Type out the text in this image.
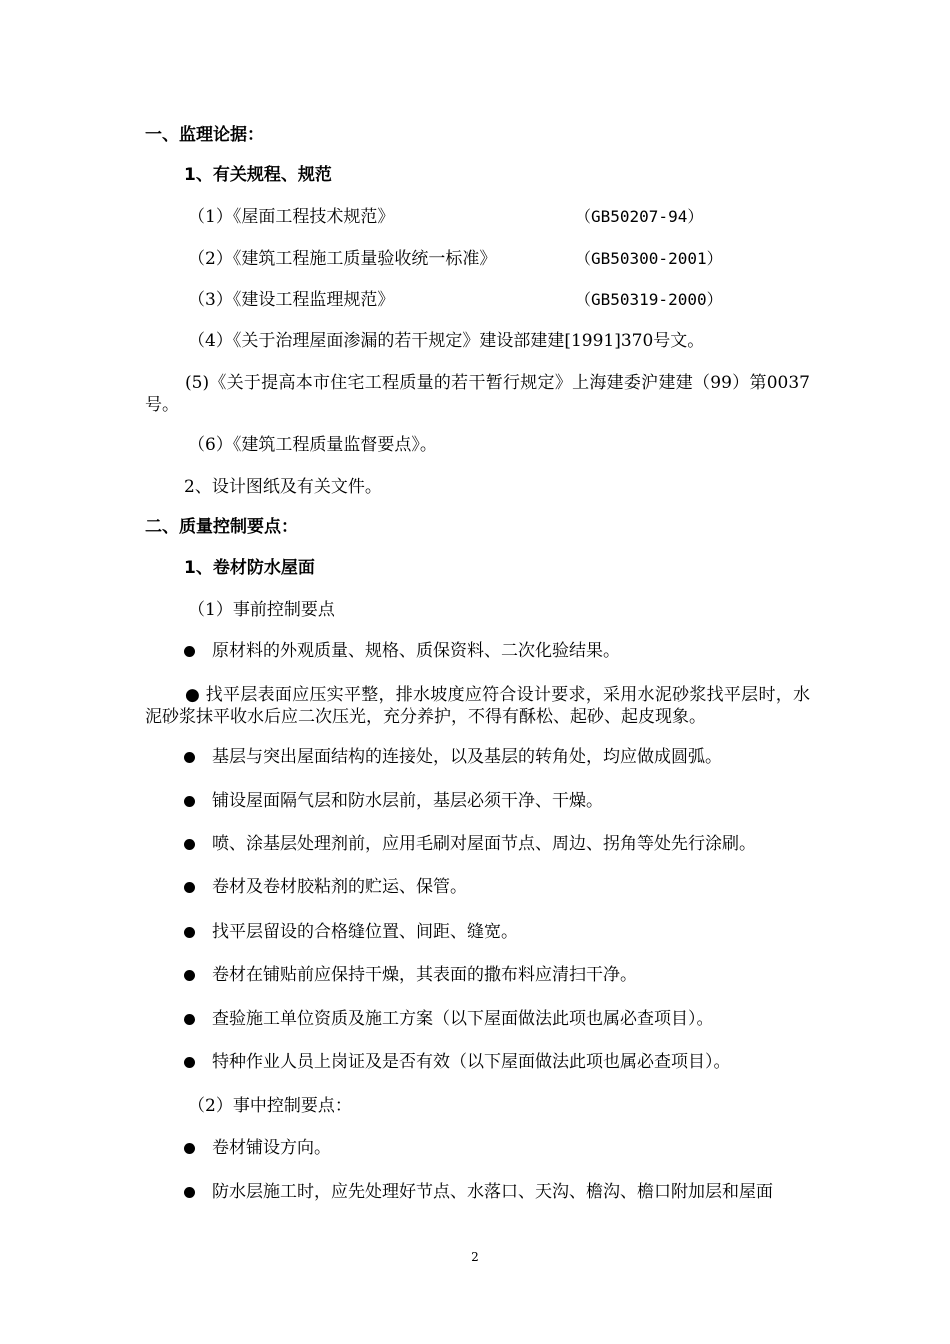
一、监理论据：
1、有关规程、规范
（1）《屋面工程技术规范》	（GB50207-94）
（2）《建筑工程施工质量验收统一标准》	（GB50300-2001）
（3）《建设工程监理规范》	（GB50319-2000）
（4）《关于治理屋面渗漏的若干规定》建设部建建[1991]370号文。
(5)《关于提高本市住宅工程质量的若干暂行规定》上海建委沪建建（99）第0037号。
（6）《建筑工程质量监督要点》。
2、设计图纸及有关文件。
二、质量控制要点：
1、卷材防水屋面
（1）事前控制要点
原材料的外观质量、规格、质保资料、二次化验结果。
● 找平层表面应压实平整，排水坡度应符合设计要求，采用水泥砂浆找平层时，水泥砂浆抹平收水后应二次压光，充分养护，不得有酥松、起砂、起皮现象。
基层与突出屋面结构的连接处，以及基层的转角处，均应做成圆弧。
铺设屋面隔气层和防水层前，基层必须干净、干燥。
喷、涂基层处理剂前，应用毛刷对屋面节点、周边、拐角等处先行涂刷。
卷材及卷材胶粘剂的贮运、保管。
找平层留设的合格缝位置、间距、缝宽。
卷材在铺贴前应保持干燥，其表面的撒布料应清扫干净。
查验施工单位资质及施工方案（以下屋面做法此项也属必查项目）。
特种作业人员上岗证及是否有效（以下屋面做法此项也属必查项目）。
（2）事中控制要点：
卷材铺设方向。
防水层施工时，应先处理好节点、水落口、天沟、檐沟、檐口附加层和屋面
2
